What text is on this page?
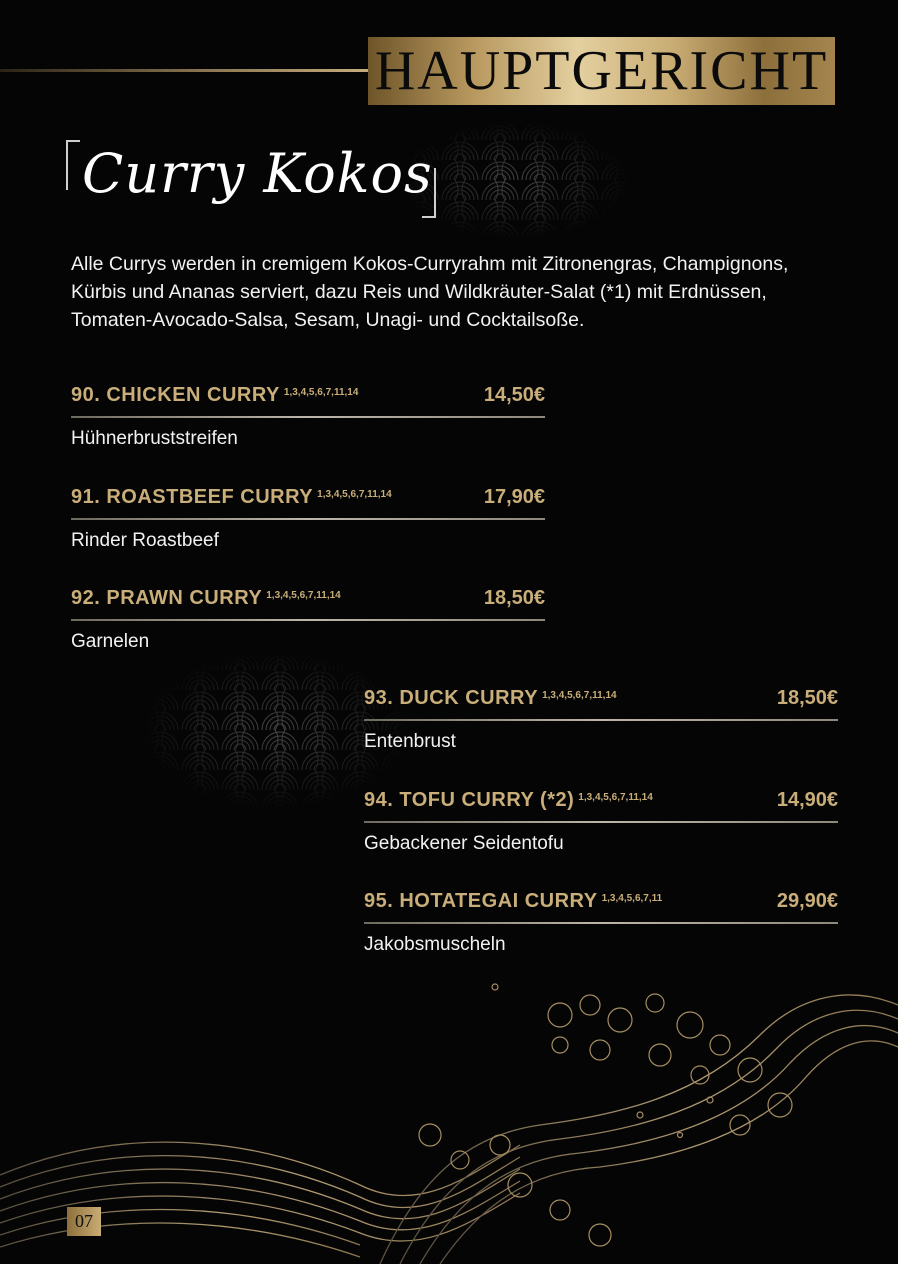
HAUPTGERICHT
Curry Kokos

Alle Currys werden in cremigem Kokos-Curryrahm mit Zitronengras, Champignons, Kürbis und Ananas serviert, dazu Reis und Wildkräuter-Salat (*1) mit Erdnüssen, Tomaten-Avocado-Salsa, Sesam, Unagi- und Cocktailsoße.

90. CHICKEN CURRY $^{1,3,4,5,6,7,11,14}$	14,50€
Hühnerbruststreifen
91. ROASTBEEF CURRY $^{1,3,4,5,6,7,11,14}$	17,90€
Rinder Roastbeef
92. PRAWN CURRY $^{1,3,4,5,6,7,11,14}$	18,50€
Garnelen
93. DUCK CURRY $^{1,3,4,5,6,7,11,14}$	18,50€
Entenbrust
94. TOFU CURRY (*2) $^{1,3,4,5,6,7,11,14}$	14,90€
Gebackener Seidentofu
95. HOTATEGAI CURRY $^{1,3,4,5,6,7,11}$	29,90€
Jakobsmuscheln
07
